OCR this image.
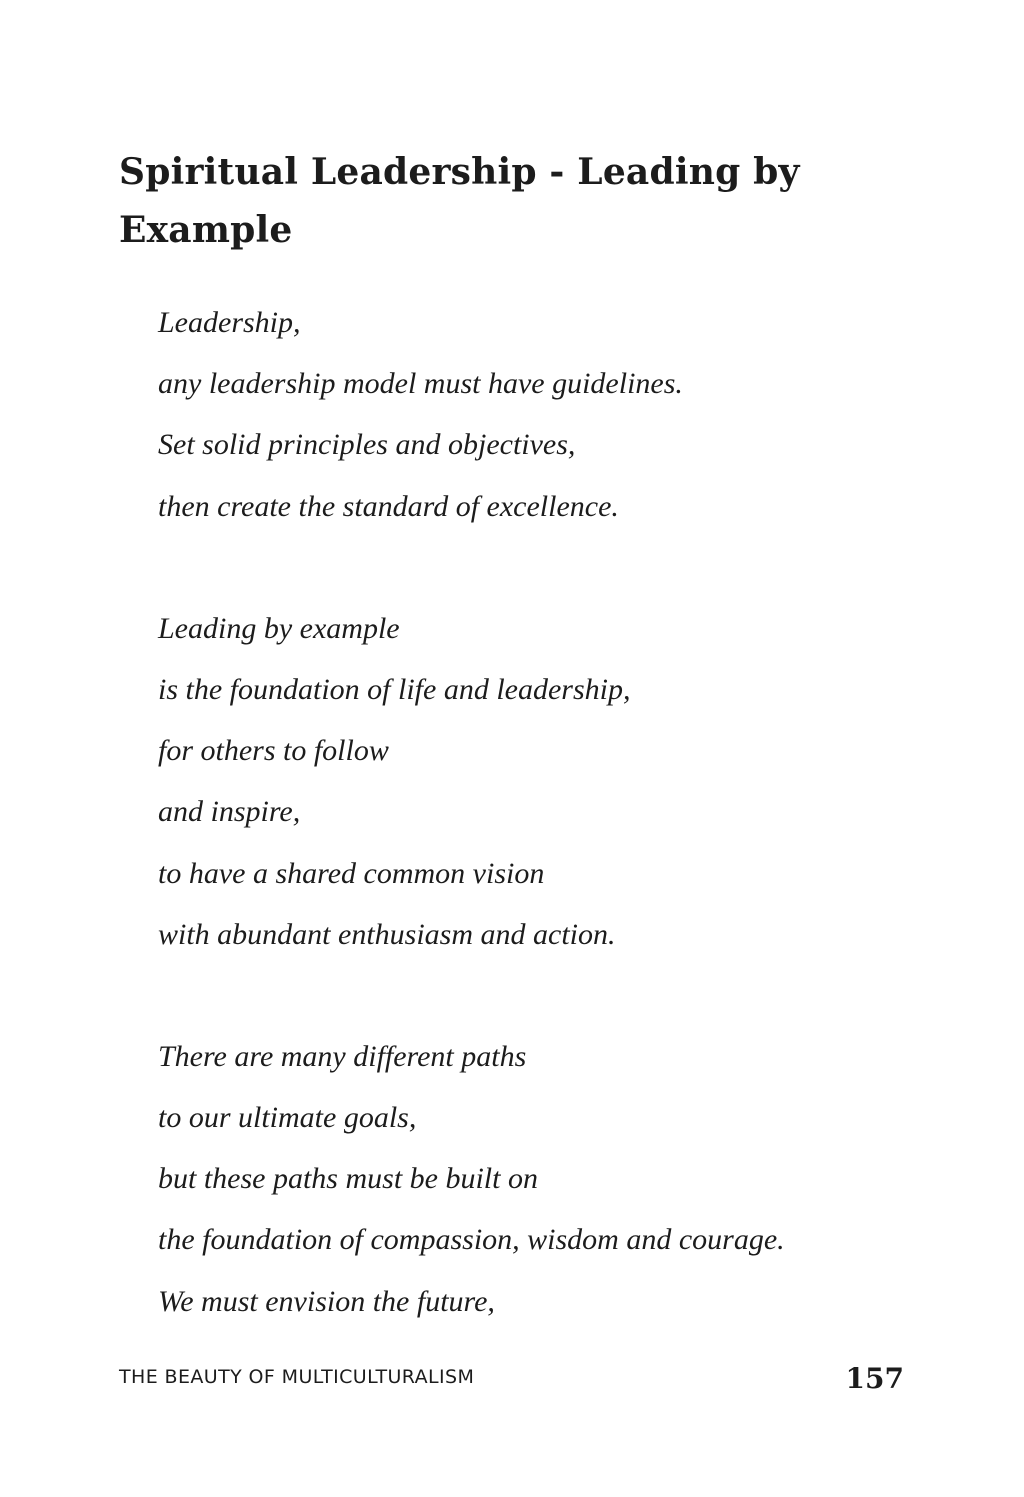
Spiritual Leadership - Leading by Example
Leadership,
any leadership model must have guidelines.
Set solid principles and objectives,
then create the standard of excellence.
Leading by example
is the foundation of life and leadership,
for others to follow
and inspire,
to have a shared common vision
with abundant enthusiasm and action.
There are many different paths
to our ultimate goals,
but these paths must be built on
the foundation of compassion, wisdom and courage.
We must envision the future,
THE BEAUTY OF MULTICULTURALISM	157
